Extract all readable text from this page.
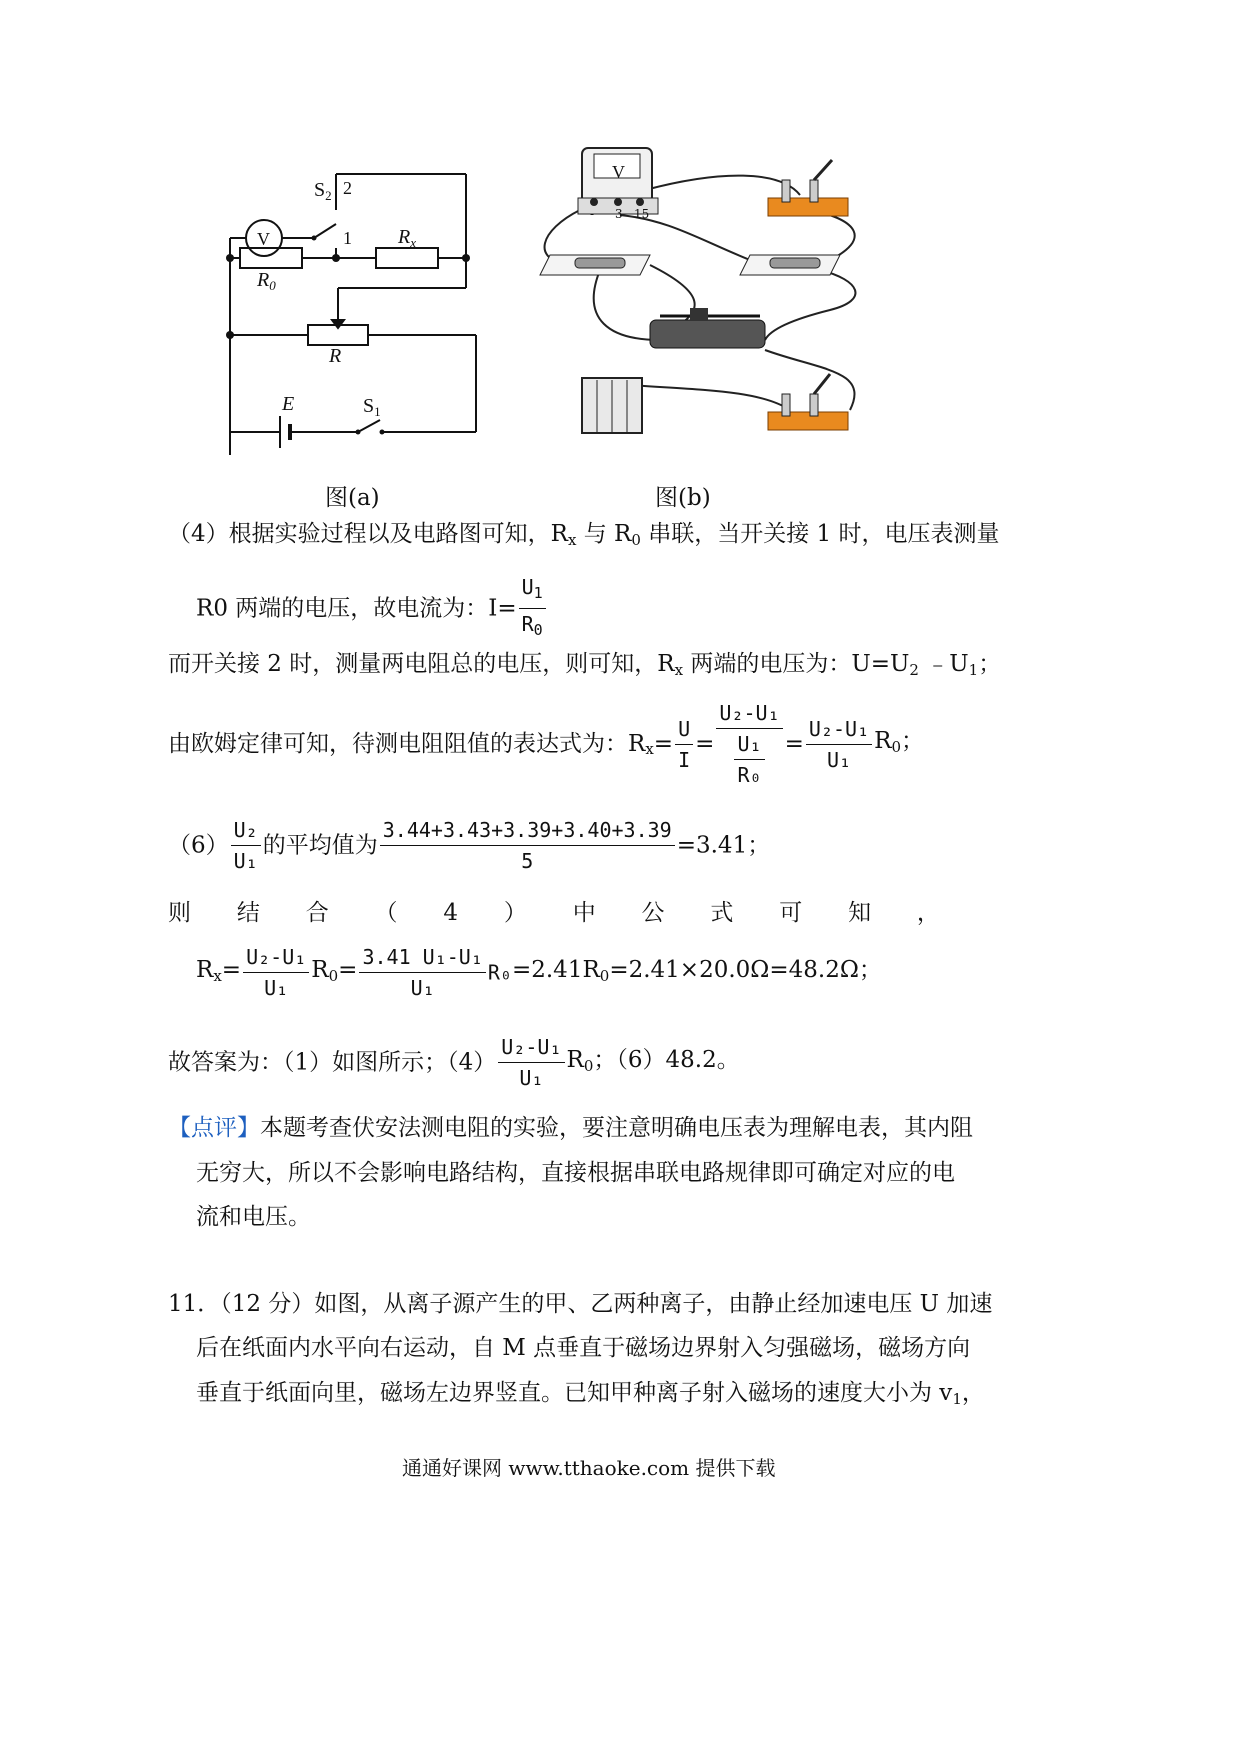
V
$S_2$ 2
1 $R_x$
$R_0$
R
E	$S_1$
图(a)
V
- 3 15
图(b)
（4）根据实验过程以及电路图可知，$R_x$ 与 $R_0$ 串联，当开关接 1 时，电压表测量
R0 两端的电压，故电流为：$I= \frac{U_1}{R_0}$
而开关接 2 时，测量两电阻总的电压，则可知，$R_x$ 两端的电压为：$U=U_2$ $﹣U_1$；
由欧姆定律可知，待测电阻阻值的表达式为：$R_x= \frac{U}{I} = \frac{\text{U₂-U₁}}{\frac{\text{U₁}}{\text{R₀}}} = \frac{\text{U₂-U₁}}{\text{U₁}} R_0$；
$(6) \frac{\text{U₂}}{\text{U₁}}$ 的平均值为 $\frac{3.44+3.43+3.39+3.40+3.39}{5} =3.41$；
则 结 合 （ 4 ） 中 公 式 可 知 ，
$R_x= \frac{\text{U₂-U₁}}{\text{U₁}} R_0= \frac{\text{3.41 U₁-U₁}}{\text{U₁}} R_0=2.41R_0=2.41\times 20.0\Omega=48.2\Omega$；
故答案为：（1）如图所示；$(4) \frac{\text{U₂-U₁}}{\text{U₁}} R_0$；（6）48.2。
【点评】本题考查伏安法测电阻的实验，要注意明确电压表为理解电表，其内阻
无穷大，所以不会影响电路结构，直接根据串联电路规律即可确定对应的电
流和电压。
11．（12 分）如图，从离子源产生的甲、乙两种离子，由静止经加速电压 U 加速
后在纸面内水平向右运动，自 M 点垂直于磁场边界射入匀强磁场，磁场方向
垂直于纸面向里，磁场左边界竖直。已知甲种离子射入磁场的速度大小为 $v_1$，
通通好课网 www.tthaoke.com 提供下载
